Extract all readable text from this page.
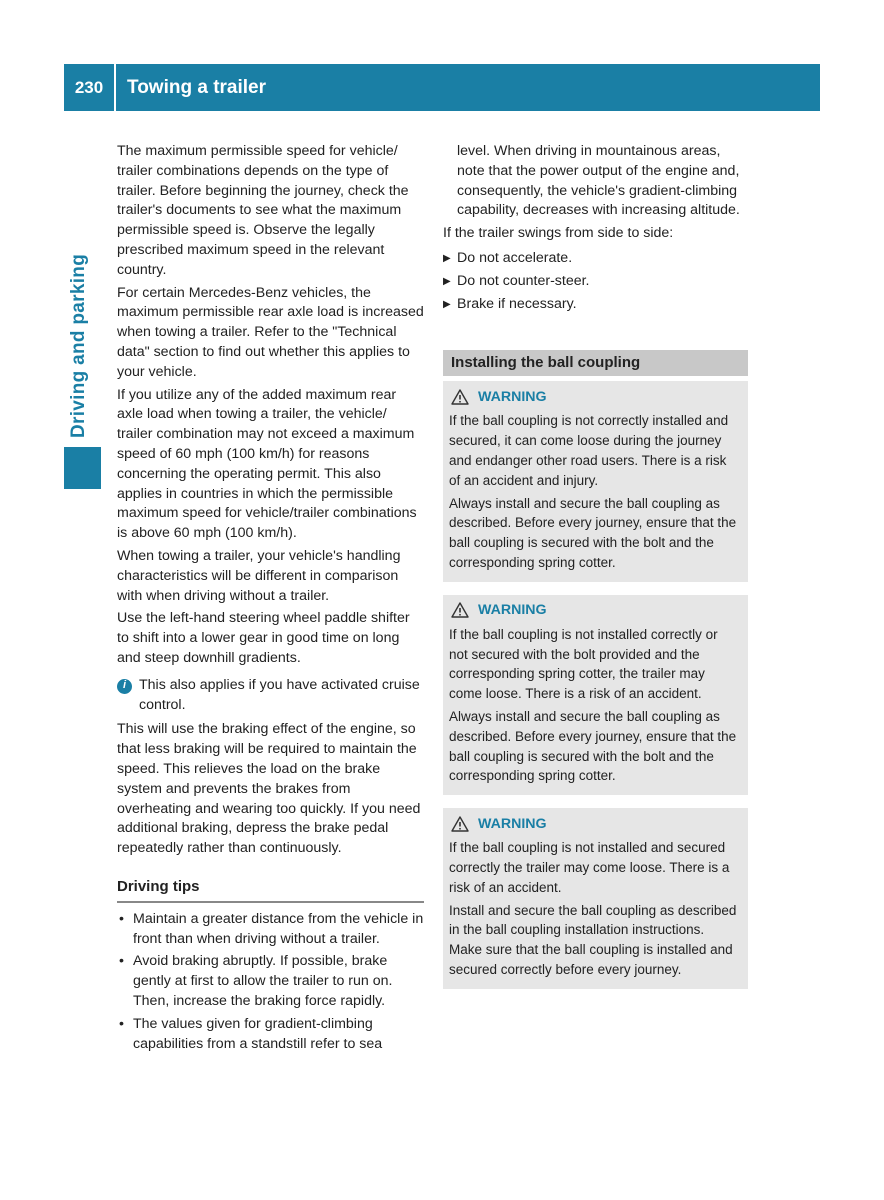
230	Towing a trailer
Driving and parking

The maximum permissible speed for vehicle/ trailer combinations depends on the type of trailer. Before beginning the journey, check the trailer's documents to see what the maximum permissible speed is. Observe the legally prescribed maximum speed in the relevant country.

For certain Mercedes-Benz vehicles, the maximum permissible rear axle load is increased when towing a trailer. Refer to the "Technical data" section to find out whether this applies to your vehicle.

If you utilize any of the added maximum rear axle load when towing a trailer, the vehicle/ trailer combination may not exceed a maximum speed of 60 mph (100 km/h) for reasons concerning the operating permit. This also applies in countries in which the permissible maximum speed for vehicle/trailer combinations is above 60 mph (100 km/h).

When towing a trailer, your vehicle's handling characteristics will be different in comparison with when driving without a trailer.

Use the left-hand steering wheel paddle shifter to shift into a lower gear in good time on long and steep downhill gradients.

i This also applies if you have activated cruise control.

This will use the braking effect of the engine, so that less braking will be required to maintain the speed. This relieves the load on the brake system and prevents the brakes from overheating and wearing too quickly. If you need additional braking, depress the brake pedal repeatedly rather than continuously.

Driving tips
• Maintain a greater distance from the vehicle in front than when driving without a trailer.
• Avoid braking abruptly. If possible, brake gently at first to allow the trailer to run on. Then, increase the braking force rapidly.
• The values given for gradient-climbing capabilities from a standstill refer to sea

level. When driving in mountainous areas, note that the power output of the engine and, consequently, the vehicle's gradient-climbing capability, decreases with increasing altitude.

If the trailer swings from side to side:

▶ Do not accelerate.
▶ Do not counter-steer.
▶ Brake if necessary.
Installing the ball coupling
WARNING

If the ball coupling is not correctly installed and secured, it can come loose during the journey and endanger other road users. There is a risk of an accident and injury.

Always install and secure the ball coupling as described. Before every journey, ensure that the ball coupling is secured with the bolt and the corresponding spring cotter.

WARNING

If the ball coupling is not installed correctly or not secured with the bolt provided and the corresponding spring cotter, the trailer may come loose. There is a risk of an accident.

Always install and secure the ball coupling as described. Before every journey, ensure that the ball coupling is secured with the bolt and the corresponding spring cotter.

WARNING

If the ball coupling is not installed and secured correctly the trailer may come loose. There is a risk of an accident.

Install and secure the ball coupling as described in the ball coupling installation instructions. Make sure that the ball coupling is installed and secured correctly before every journey.
